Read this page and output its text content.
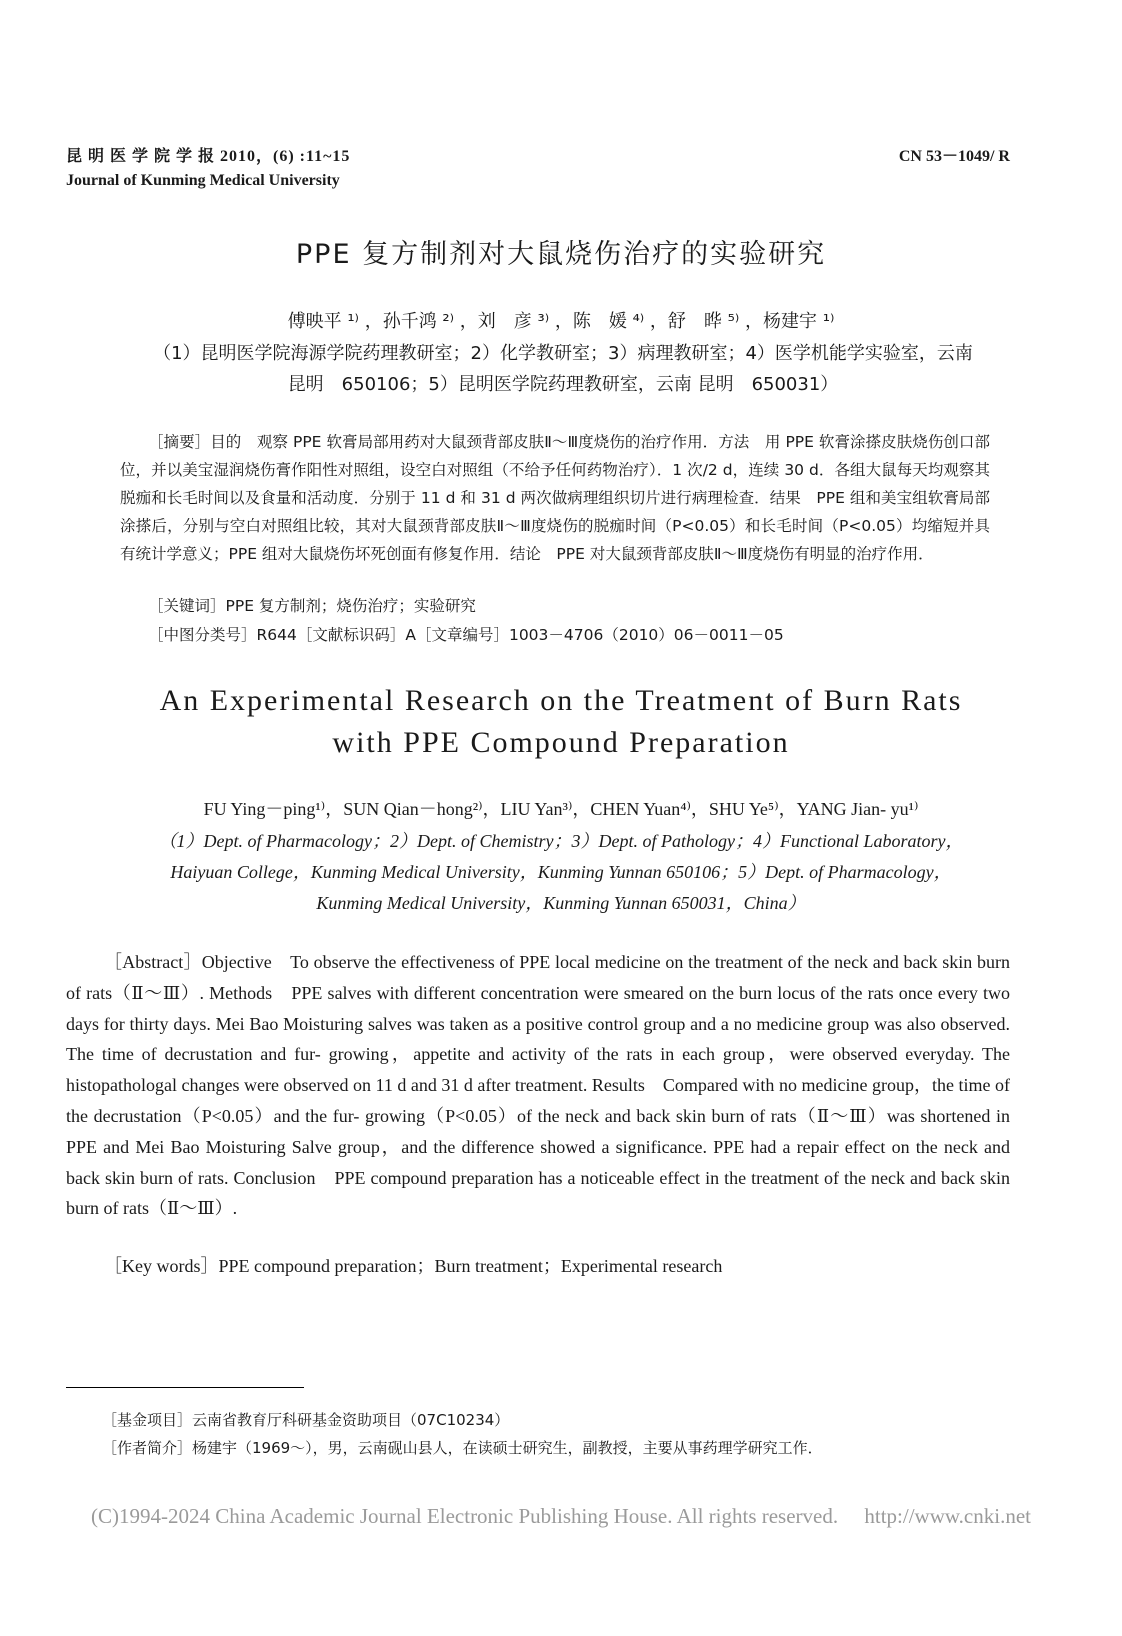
昆 明 医 学 院 学 报 2010，(6) :11~15
Journal of Kunming Medical University
CN 53－1049/ R
PPE 复方制剂对大鼠烧伤治疗的实验研究
傅映平 ¹⁾ ，孙千鸿 ²⁾ ，刘　彦 ³⁾ ，陈　媛 ⁴⁾ ，舒　晔 ⁵⁾ ，杨建宇 ¹⁾
（1）昆明医学院海源学院药理教研室；2）化学教研室；3）病理教研室；4）医学机能学实验室，云南
昆明　650106；5）昆明医学院药理教研室，云南 昆明　650031）

［摘要］目的　观察 PPE 软膏局部用药对大鼠颈背部皮肤Ⅱ～Ⅲ度烧伤的治疗作用．方法　用 PPE 软膏涂搽皮肤烧伤创口部位，并以美宝湿润烧伤膏作阳性对照组，设空白对照组（不给予任何药物治疗）．1 次/2 d，连续 30 d．各组大鼠每天均观察其脱痂和长毛时间以及食量和活动度．分别于 11 d 和 31 d 两次做病理组织切片进行病理检查．结果　PPE 组和美宝组软膏局部涂搽后，分别与空白对照组比较，其对大鼠颈背部皮肤Ⅱ～Ⅲ度烧伤的脱痂时间（P<0.05）和长毛时间（P<0.05）均缩短并具有统计学意义；PPE 组对大鼠烧伤坏死创面有修复作用．结论　PPE 对大鼠颈背部皮肤Ⅱ～Ⅲ度烧伤有明显的治疗作用．

［关键词］PPE 复方制剂；烧伤治疗；实验研究
［中图分类号］R644［文献标识码］A［文章编号］1003－4706（2010）06－0011－05
An Experimental Research on the Treatment of Burn Rats
with PPE Compound Preparation
FU Ying－ping¹⁾，SUN Qian－hong²⁾，LIU Yan³⁾，CHEN Yuan⁴⁾，SHU Ye⁵⁾，YANG Jian- yu¹⁾
（1）Dept. of Pharmacology；2）Dept. of Chemistry；3）Dept. of Pathology；4）Functional Laboratory，
Haiyuan College，Kunming Medical University，Kunming Yunnan 650106；5）Dept. of Pharmacology，
Kunming Medical University，Kunming Yunnan 650031，China）

［Abstract］Objective　To observe the effectiveness of PPE local medicine on the treatment of the neck and back skin burn of rats（Ⅱ～Ⅲ）. Methods　PPE salves with different concentration were smeared on the burn locus of the rats once every two days for thirty days. Mei Bao Moisturing salves was taken as a positive control group and a no medicine group was also observed. The time of decrustation and fur- growing，appetite and activity of the rats in each group，were observed everyday. The histopathologal changes were observed on 11 d and 31 d after treatment. Results　Compared with no medicine group，the time of the decrustation（P<0.05）and the fur- growing（P<0.05）of the neck and back skin burn of rats（Ⅱ～Ⅲ）was shortened in PPE and Mei Bao Moisturing Salve group，and the difference showed a significance. PPE had a repair effect on the neck and back skin burn of rats. Conclusion　PPE compound preparation has a noticeable effect in the treatment of the neck and back skin burn of rats（Ⅱ～Ⅲ）.

［Key words］PPE compound preparation；Burn treatment；Experimental research
［基金项目］云南省教育厅科研基金资助项目（07C10234）
［作者简介］杨建宇（1969～），男，云南砚山县人，在读硕士研究生，副教授，主要从事药理学研究工作．
(C)1994-2024 China Academic Journal Electronic Publishing House. All rights reserved.　 http://www.cnki.net
